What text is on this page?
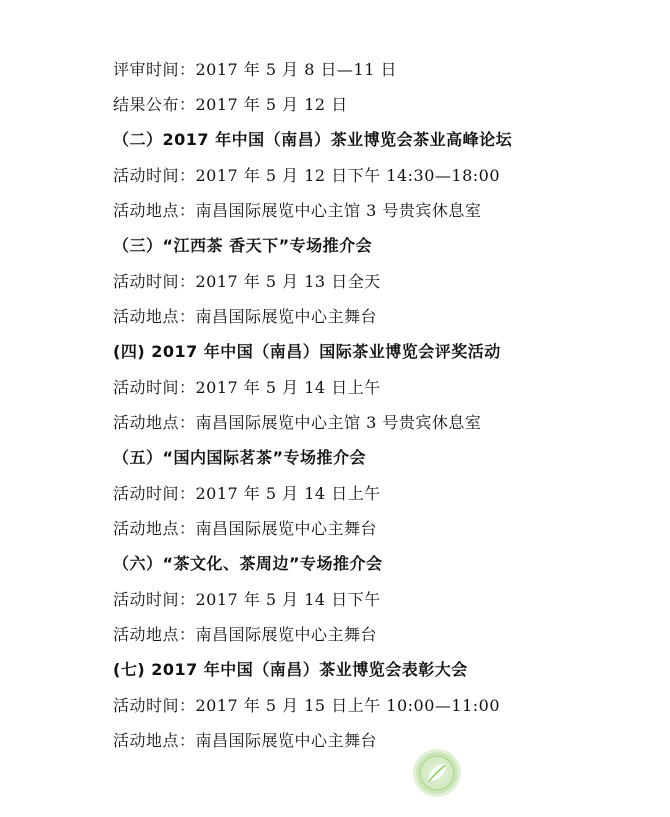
评审时间：2017 年 5 月 8 日—11 日
结果公布：2017 年 5 月 12 日
（二）2017 年中国（南昌）茶业博览会茶业高峰论坛
活动时间：2017 年 5 月 12 日下午 14:30—18:00
活动地点：南昌国际展览中心主馆 3 号贵宾休息室
（三）“江西茶 香天下”专场推介会
活动时间：2017 年 5 月 13 日全天
活动地点：南昌国际展览中心主舞台
(四) 2017 年中国（南昌）国际茶业博览会评奖活动
活动时间：2017 年 5 月 14 日上午
活动地点：南昌国际展览中心主馆 3 号贵宾休息室
（五）“国内国际茗茶”专场推介会
活动时间：2017 年 5 月 14 日上午
活动地点：南昌国际展览中心主舞台
（六）“茶文化、茶周边”专场推介会
活动时间：2017 年 5 月 14 日下午
活动地点：南昌国际展览中心主舞台
(七) 2017 年中国（南昌）茶业博览会表彰大会
活动时间：2017 年 5 月 15 日上午 10:00—11:00
活动地点：南昌国际展览中心主舞台
